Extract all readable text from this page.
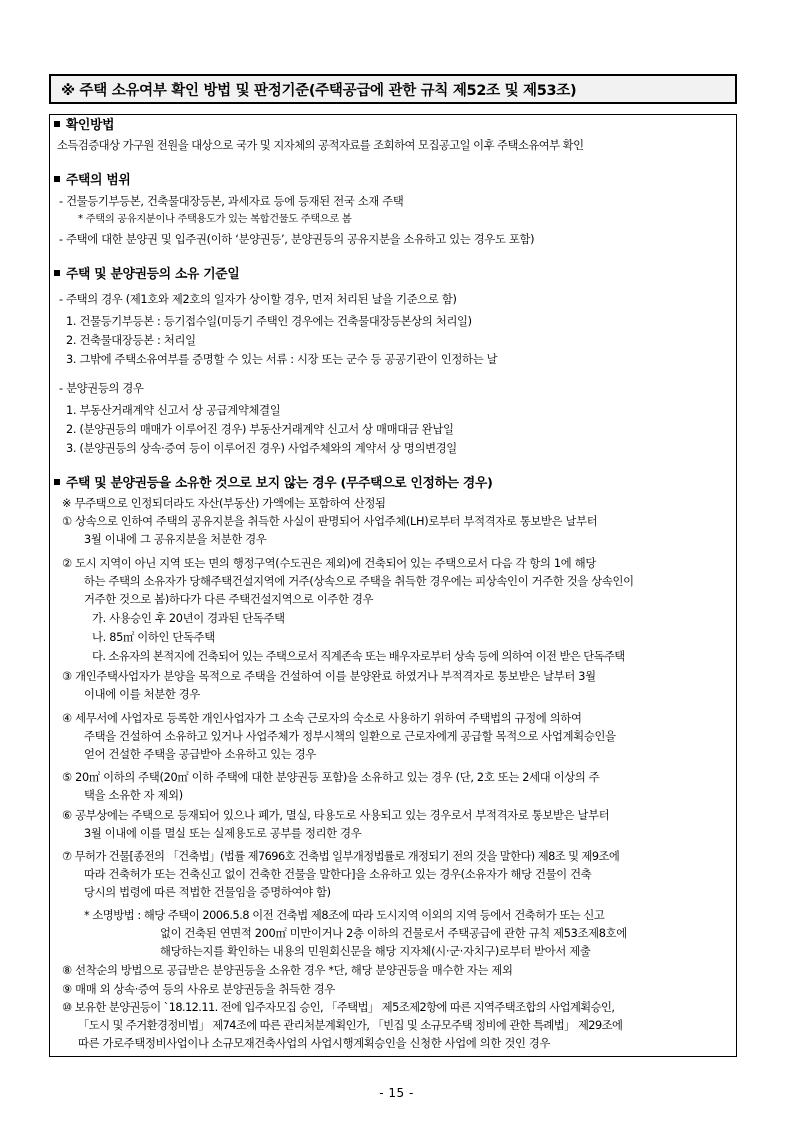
※ 주택 소유여부 확인 방법 및 판정기준(주택공급에 관한 규칙 제52조 및 제53조)
확인방법
소득검증대상 가구원 전원을 대상으로 국가 및 지자체의 공적자료를 조회하여 모집공고일 이후 주택소유여부 확인
주택의 범위
- 건물등기부등본, 건축물대장등본, 과세자료 등에 등재된 전국 소재 주택
* 주택의 공유지분이나 주택용도가 있는 복합건물도 주택으로 봄
- 주택에 대한 분양권 및 입주권(이하 ‘분양권등’, 분양권등의 공유지분을 소유하고 있는 경우도 포함)
주택 및 분양권등의 소유 기준일
- 주택의 경우 (제1호와 제2호의 일자가 상이할 경우, 먼저 처리된 날을 기준으로 함)
1. 건물등기부등본 : 등기접수일(미등기 주택인 경우에는 건축물대장등본상의 처리일)
2. 건축물대장등본 : 처리일
3. 그밖에 주택소유여부를 증명할 수 있는 서류 : 시장 또는 군수 등 공공기관이 인정하는 날
- 분양권등의 경우
1. 부동산거래계약 신고서 상 공급계약체결일
2. (분양권등의 매매가 이루어진 경우) 부동산거래계약 신고서 상 매매대금 완납일
3. (분양권등의 상속·증여 등이 이루어진 경우) 사업주체와의 계약서 상 명의변경일
주택 및 분양권등을 소유한 것으로 보지 않는 경우 (무주택으로 인정하는 경우)
※ 무주택으로 인정되더라도 자산(부동산) 가액에는 포함하여 산정됨
① 상속으로 인하여 주택의 공유지분을 취득한 사실이 판명되어 사업주체(LH)로부터 부적격자로 통보받은 날부터
3월 이내에 그 공유지분을 처분한 경우
② 도시 지역이 아닌 지역 또는 면의 행정구역(수도권은 제외)에 건축되어 있는 주택으로서 다음 각 항의 1에 해당
하는 주택의 소유자가 당해주택건설지역에 거주(상속으로 주택을 취득한 경우에는 피상속인이 거주한 것을 상속인이
거주한 것으로 봄)하다가 다른 주택건설지역으로 이주한 경우
가. 사용승인 후 20년이 경과된 단독주택
나. 85㎡ 이하인 단독주택
다. 소유자의 본적지에 건축되어 있는 주택으로서 직계존속 또는 배우자로부터 상속 등에 의하여 이전 받은 단독주택
③ 개인주택사업자가 분양을 목적으로 주택을 건설하여 이를 분양완료 하였거나 부적격자로 통보받은 날부터 3월
이내에 이를 처분한 경우
④ 세무서에 사업자로 등록한 개인사업자가 그 소속 근로자의 숙소로 사용하기 위하여 주택법의 규정에 의하여
주택을 건설하여 소유하고 있거나 사업주체가 정부시책의 일환으로 근로자에게 공급할 목적으로 사업계획승인을
얻어 건설한 주택을 공급받아 소유하고 있는 경우
⑤ 20㎡ 이하의 주택(20㎡ 이하 주택에 대한 분양권등 포함)을 소유하고 있는 경우 (단, 2호 또는 2세대 이상의 주
택을 소유한 자 제외)
⑥ 공부상에는 주택으로 등재되어 있으나 폐가, 멸실, 타용도로 사용되고 있는 경우로서 부적격자로 통보받은 날부터
3월 이내에 이를 멸실 또는 실제용도로 공부를 정리한 경우
⑦ 무허가 건물[종전의 「건축법」(법률 제7696호 건축법 일부개정법률로 개정되기 전의 것을 말한다) 제8조 및 제9조에
따라 건축허가 또는 건축신고 없이 건축한 건물을 말한다]을 소유하고 있는 경우(소유자가 해당 건물이 건축
당시의 법령에 따른 적법한 건물임을 증명하여야 함)
* 소명방법 : 해당 주택이 2006.5.8 이전 건축법 제8조에 따라 도시지역 이외의 지역 등에서 건축허가 또는 신고
없이 건축된 연면적 200㎡ 미만이거나 2층 이하의 건물로서 주택공급에 관한 규칙 제53조제8호에
해당하는지를 확인하는 내용의 민원회신문을 해당 지자체(시·군·자치구)로부터 받아서 제출
⑧ 선착순의 방법으로 공급받은 분양권등을 소유한 경우 *단, 해당 분양권등을 매수한 자는 제외
⑨ 매매 외 상속·증여 등의 사유로 분양권등을 취득한 경우
⑩ 보유한 분양권등이 `18.12.11. 전에 입주자모집 승인, 「주택법」 제5조제2항에 따른 지역주택조합의 사업계획승인,
「도시 및 주거환경정비법」 제74조에 따른 관리처분계획인가, 「빈집 및 소규모주택 정비에 관한 특례법」 제29조에
따른 가로주택정비사업이나 소규모재건축사업의 사업시행계획승인을 신청한 사업에 의한 것인 경우
- 15 -
